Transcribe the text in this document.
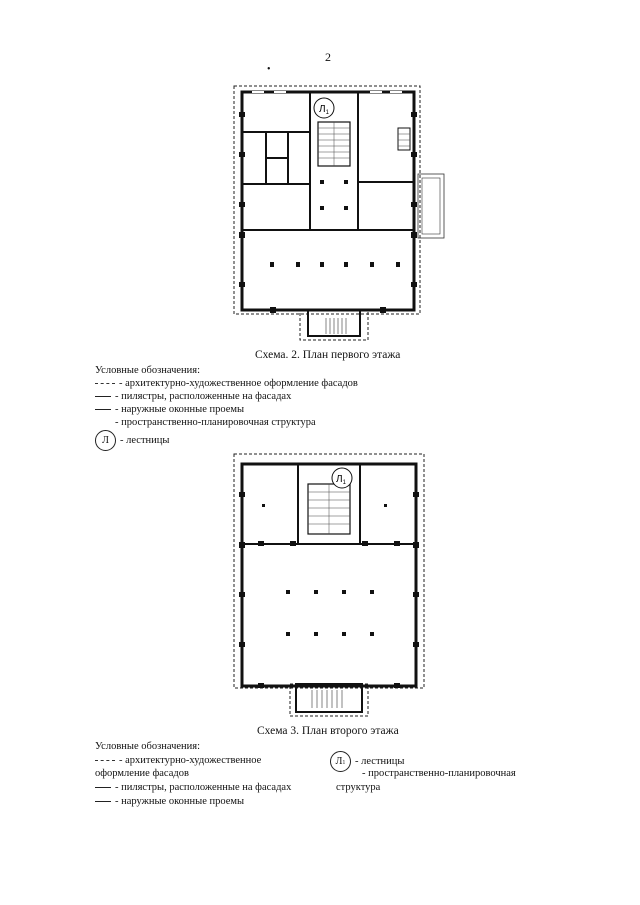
2
•
$Л_1$
Схема. 2. План первого этажа
Условные обозначения:
- архитектурно-художественное оформление фасадов
- пилястры, расположенные на фасадах
- наружные оконные проемы
- пространственно-планировочная структура
Л	- лестницы
$Л_1$
Схема 3. План второго этажа
Условные обозначения:
- архитектурно-художественное
оформление фасадов
- пилястры, расположенные на фасадах
- наружные оконные проемы
Л 1 - лестницы
- пространственно-планировочная
структура
